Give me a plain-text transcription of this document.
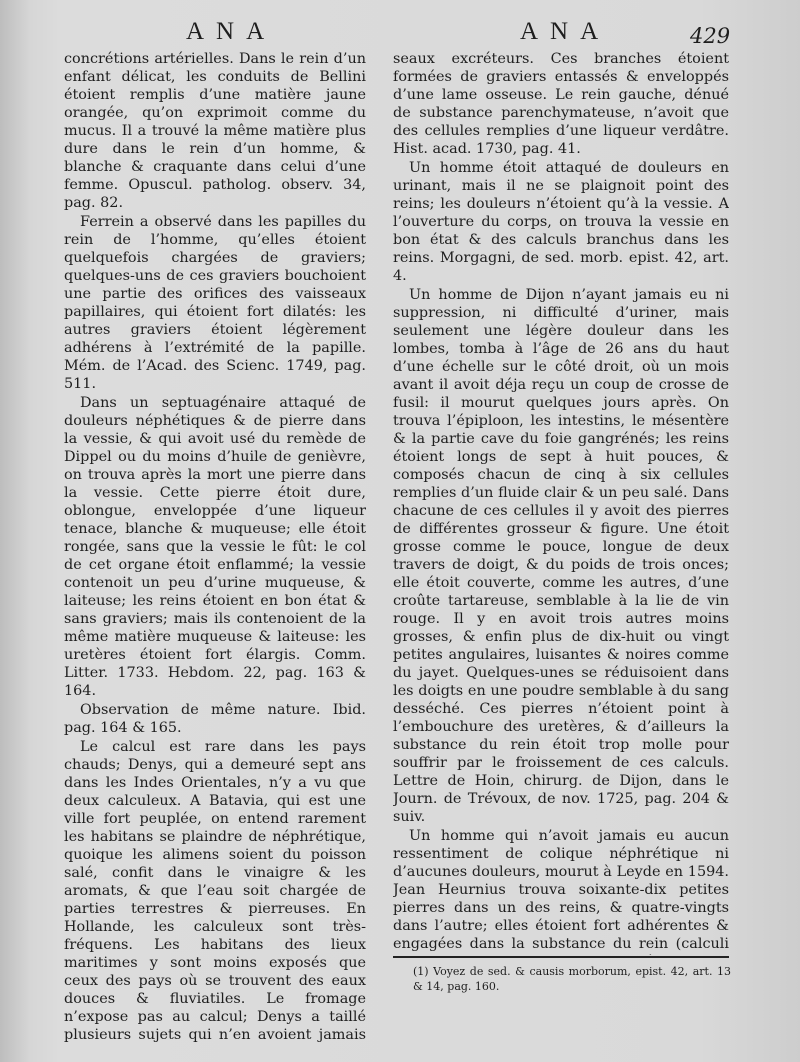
ANA	ANA	429

concrétions artérielles. Dans le rein d’un enfant délicat, les conduits de Bellini étoient remplis d’une matière jaune orangée, qu’on exprimoit comme du mucus. Il a trouvé la même matière plus dure dans le rein d’un homme, & blanche & craquante dans celui d’une femme. Opuscul. patholog. observ. 34, pag. 82.

Ferrein a observé dans les papilles du rein de l’homme, qu’elles étoient quelquefois chargées de graviers; quelques-uns de ces graviers bouchoient une partie des orifices des vaisseaux papillaires, qui étoient fort dilatés: les autres graviers étoient légèrement adhérens à l’extrémité de la papille. Mém. de l’Acad. des Scienc. 1749, pag. 511.

Dans un septuagénaire attaqué de douleurs néphétiques & de pierre dans la vessie, & qui avoit usé du remède de Dippel ou du moins d’huile de genièvre, on trouva après la mort une pierre dans la vessie. Cette pierre étoit dure, oblongue, enveloppée d’une liqueur tenace, blanche & muqueuse; elle étoit rongée, sans que la vessie le fût: le col de cet organe étoit enflammé; la vessie contenoit un peu d’urine muqueuse, & laiteuse; les reins étoient en bon état & sans graviers; mais ils contenoient de la même matière muqueuse & laiteuse: les uretères étoient fort élargis. Comm. Litter. 1733. Hebdom. 22, pag. 163 & 164.

Observation de même nature. Ibid. pag. 164 & 165.

Le calcul est rare dans les pays chauds; Denys, qui a demeuré sept ans dans les Indes Orientales, n’y a vu que deux calculeux. A Batavia, qui est une ville fort peuplée, on entend rarement les habitans se plaindre de néphrétique, quoique les alimens soient du poisson salé, confit dans le vinaigre & les aromats, & que l’eau soit chargée de parties terrestres & pierreuses. En Hollande, les calculeux sont très-fréquens. Les habitans des lieux maritimes y sont moins exposés que ceux des pays où se trouvent des eaux douces & fluviatiles. Le fromage n’expose pas au calcul; Denys a taillé plusieurs sujets qui n’en avoient jamais

seaux excréteurs. Ces branches étoient formées de graviers entassés & enveloppés d’une lame osseuse. Le rein gauche, dénué de substance parenchymateuse, n’avoit que des cellules remplies d’une liqueur verdâtre. Hist. acad. 1730, pag. 41.

Un homme étoit attaqué de douleurs en urinant, mais il ne se plaignoit point des reins; les douleurs n’étoient qu’à la vessie. A l’ouverture du corps, on trouva la vessie en bon état & des calculs branchus dans les reins. Morgagni, de sed. morb. epist. 42, art. 4.

Un homme de Dijon n’ayant jamais eu ni suppression, ni difficulté d’uriner, mais seulement une légère douleur dans les lombes, tomba à l’âge de 26 ans du haut d’une échelle sur le côté droit, où un mois avant il avoit déja reçu un coup de crosse de fusil: il mourut quelques jours après. On trouva l’épiploon, les intestins, le mésentère & la partie cave du foie gangrénés; les reins étoient longs de sept à huit pouces, & composés chacun de cinq à six cellules remplies d’un fluide clair & un peu salé. Dans chacune de ces cellules il y avoit des pierres de différentes grosseur & figure. Une étoit grosse comme le pouce, longue de deux travers de doigt, & du poids de trois onces; elle étoit couverte, comme les autres, d’une croûte tartareuse, semblable à la lie de vin rouge. Il y en avoit trois autres moins grosses, & enfin plus de dix-huit ou vingt petites angulaires, luisantes & noires comme du jayet. Quelques-unes se réduisoient dans les doigts en une poudre semblable à du sang desséché. Ces pierres n’étoient point à l’embouchure des uretères, & d’ailleurs la substance du rein étoit trop molle pour souffrir par le froissement de ces calculs. Lettre de Hoin, chirurg. de Dijon, dans le Journ. de Trévoux, de nov. 1725, pag. 204 & suiv.

Un homme qui n’avoit jamais eu aucun ressentiment de colique néphrétique ni d’aucunes douleurs, mourut à Leyde en 1594. Jean Heurnius trouva soixante-dix petites pierres dans un des reins, & quatre-vingts dans l’autre; elles étoient fort adhérentes & engagées dans la substance du rein (calculi

(1) Voyez de sed. & causis morborum, epist. 42, art. 13 & 14, pag. 160.
